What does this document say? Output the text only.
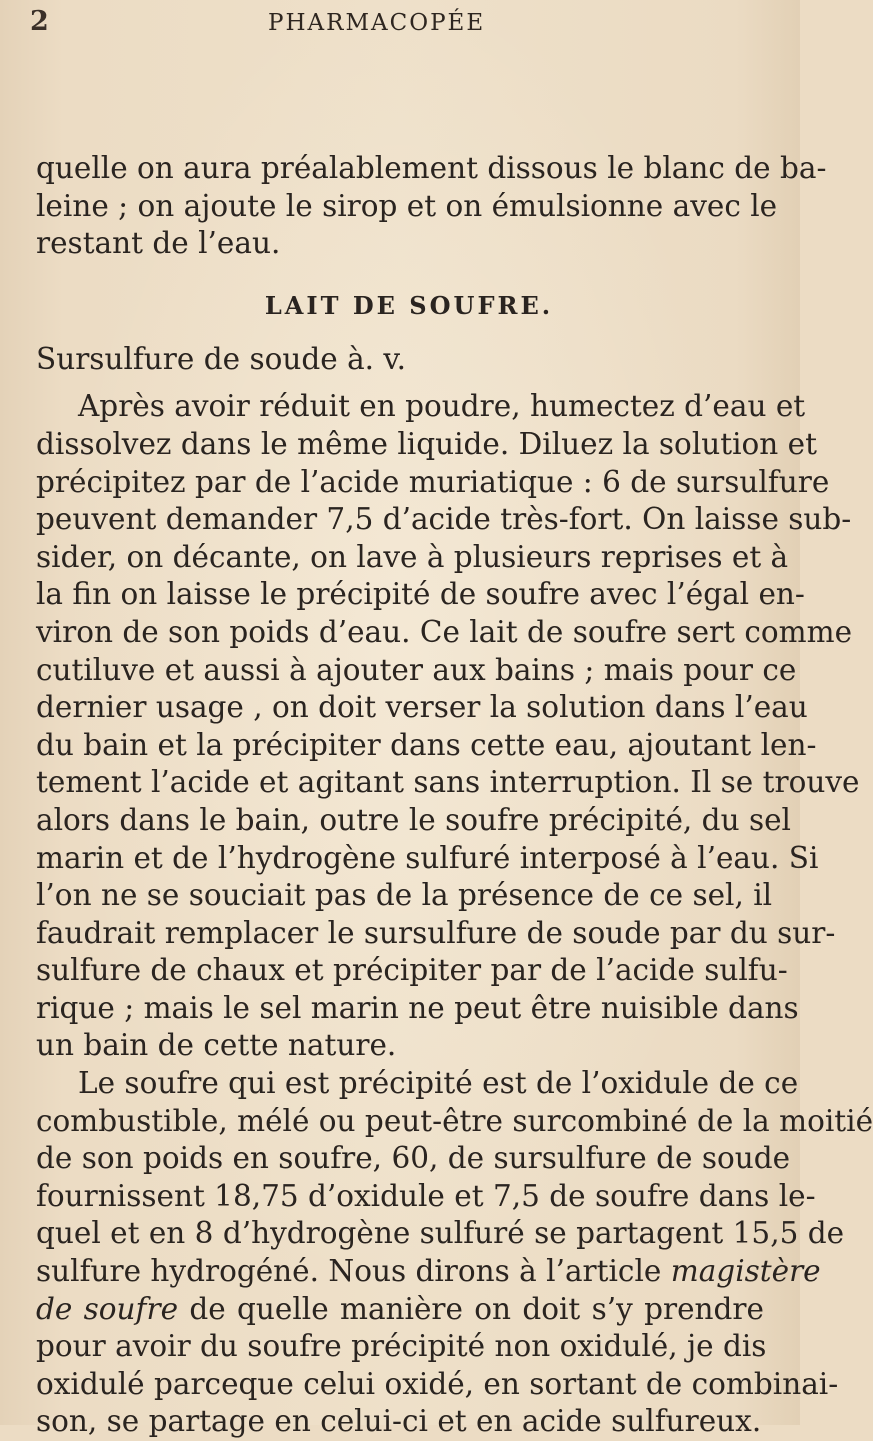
2	PHARMACOPÉE
quelle on aura préalablement dissous le blanc de ba-
leine ; on ajoute le sirop et on émulsionne avec le
restant de l’eau.
LAIT DE SOUFRE.
Sursulfure de soude à. v.
Après avoir réduit en poudre, humectez d’eau et
dissolvez dans le même liquide. Diluez la solution et
précipitez par de l’acide muriatique : 6 de sursulfure
peuvent demander 7,5 d’acide très-fort. On laisse sub-
sider, on décante, on lave à plusieurs reprises et à
la fin on laisse le précipité de soufre avec l’égal en-
viron de son poids d’eau. Ce lait de soufre sert comme
cutiluve et aussi à ajouter aux bains ; mais pour ce
dernier usage , on doit verser la solution dans l’eau
du bain et la précipiter dans cette eau, ajoutant len-
tement l’acide et agitant sans interruption. Il se trouve
alors dans le bain, outre le soufre précipité, du sel
marin et de l’hydrogène sulfuré interposé à l’eau. Si
l’on ne se souciait pas de la présence de ce sel, il
faudrait remplacer le sursulfure de soude par du sur-
sulfure de chaux et précipiter par de l’acide sulfu-
rique ; mais le sel marin ne peut être nuisible dans
un bain de cette nature.
Le soufre qui est précipité est de l’oxidule de ce
combustible, mélé ou peut-être surcombiné de la moitié
de son poids en soufre, 60, de sursulfure de soude
fournissent 18,75 d’oxidule et 7,5 de soufre dans le-
quel et en 8 d’hydrogène sulfuré se partagent 15,5 de
sulfure hydrogéné. Nous dirons à l’article magistère
de soufre de quelle manière on doit s’y prendre
pour avoir du soufre précipité non oxidulé, je dis
oxidulé parceque celui oxidé, en sortant de combinai-
son, se partage en celui-ci et en acide sulfureux.
